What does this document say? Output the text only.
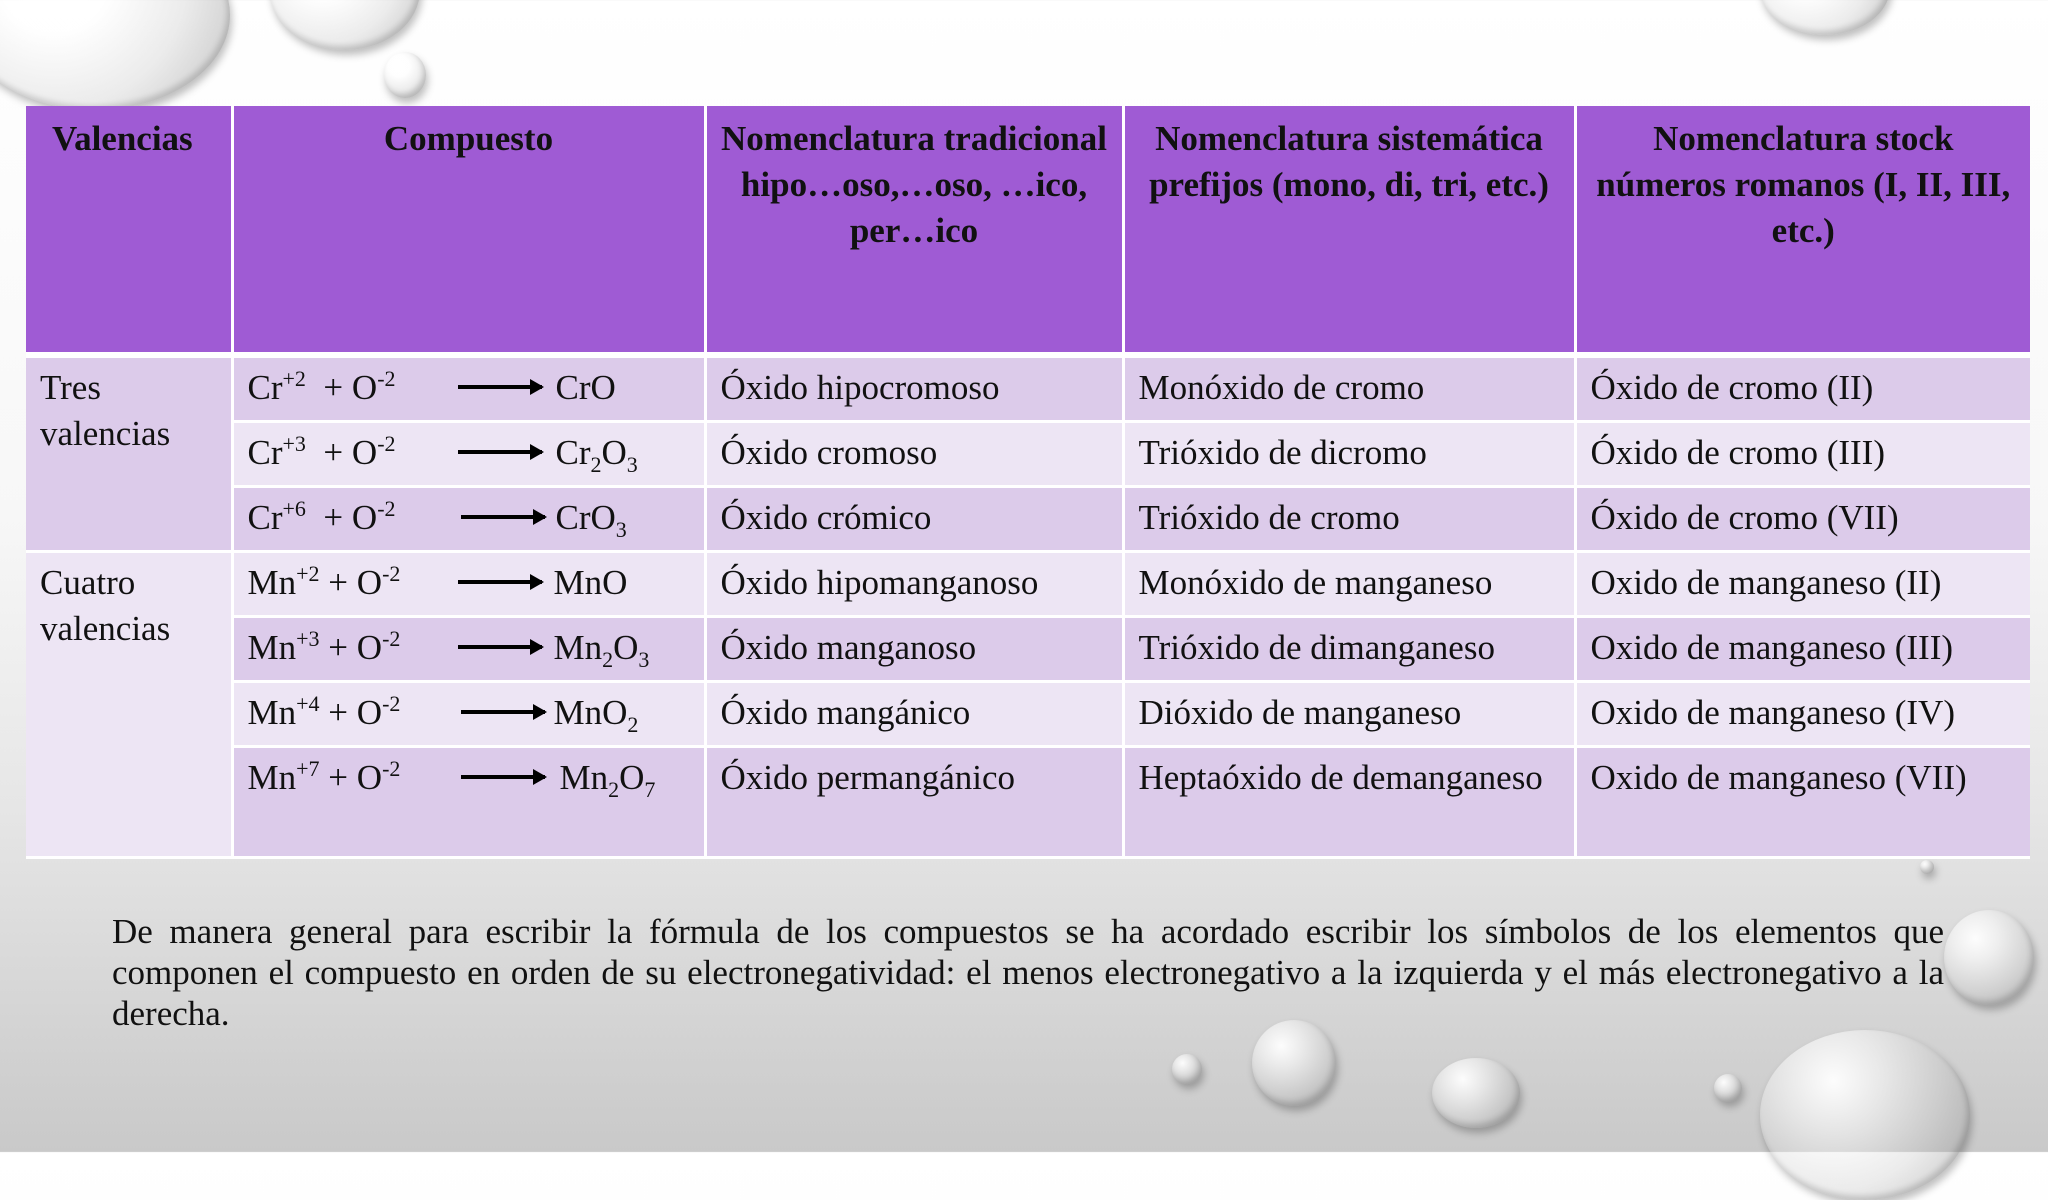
Valencias	Compuesto	Nomenclatura tradicional hipo…oso,…oso, …ico, per…ico	Nomenclatura sistemática prefijos (mono, di, tri, etc.)	Nomenclatura stock números romanos (I, II, III, etc.)
Tres valencias	$Cr^{+2} + O^{-2}$ → CrO	Óxido hipocromoso	Monóxido de cromo	Óxido de cromo (II)

	$Cr^{+3} + O^{-2} \to Cr_2O_3$	Óxido cromoso	Trióxido de dicromo	Óxido de cromo (III)

	$Cr^{+6} + O^{-2} \to CrO_3$	Óxido crómico	Trióxido de cromo	Óxido de cromo (VII)
Cuatro valencias	$Mn^{+2} + O^{-2}$ → MnO	Óxido hipomanganoso	Monóxido de manganeso	Oxido de manganeso (II)

	$Mn^{+3} + O^{-2} \to Mn_2O_3$	Óxido manganoso	Trióxido de dimanganeso	Oxido de manganeso (III)

	$Mn^{+4} + O^{-2} \to MnO_2$	Óxido mangánico	Dióxido de manganeso	Oxido de manganeso (IV)

	$Mn^{+7} + O^{-2} \to Mn_2O_7$	Óxido permangánico	Heptaóxido de demanganeso	Oxido de manganeso (VII)

De manera general para escribir la fórmula de los compuestos se ha acordado escribir los símbolos de los elementos que componen el compuesto en orden de su electronegatividad: el menos electronegativo a la izquierda y el más electronegativo a la derecha.
